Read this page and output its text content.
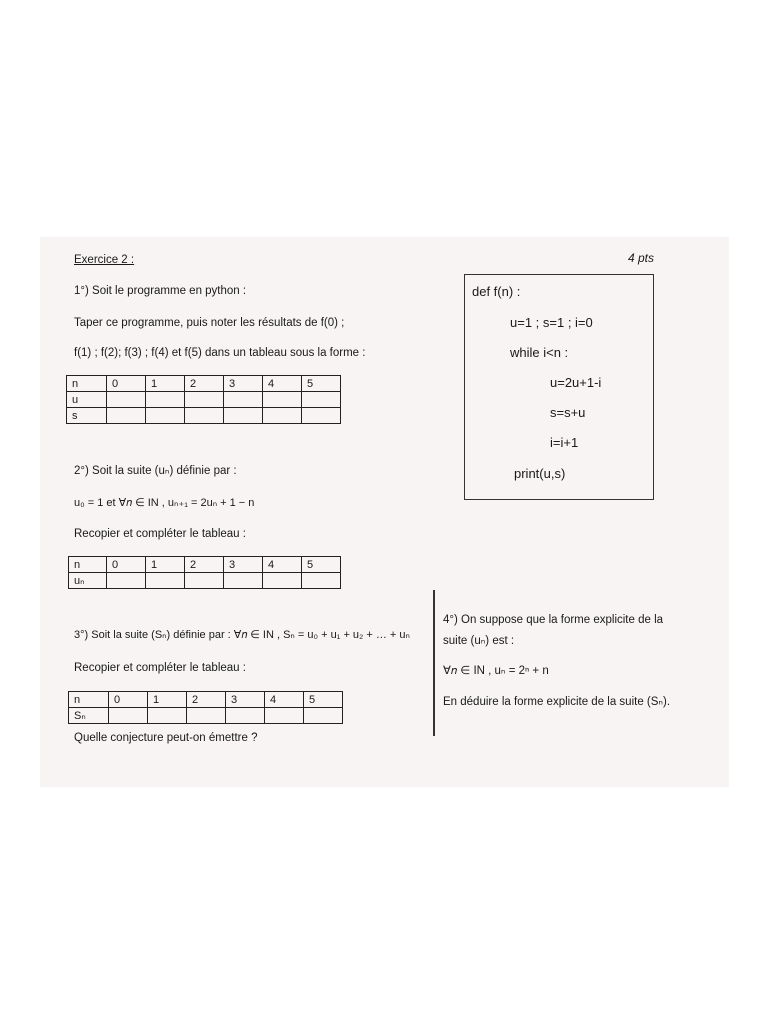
Exercice 2 :	4 pts
1°) Soit le programme en python :
Taper ce programme, puis noter les résultats de f(0) ;
f(1) ; f(2); f(3) ; f(4) et f(5) dans un tableau sous la forme :
n	0	1	2	3	4	5
u						
s						
def f(n) :
u=1 ; s=1 ; i=0
while i<n :
u=2u+1-i
s=s+u
i=i+1
print(u,s)
2°) Soit la suite (uₙ) définie par :
u₀ = 1 et ∀𝑛 ∈ IN , uₙ₊₁ = 2uₙ + 1 − n
Recopier et compléter le tableau :
n	0	1	2	3	4	5
uₙ						
3°) Soit la suite (Sₙ) définie par : ∀𝑛 ∈ IN , Sₙ = u₀ + u₁ + u₂ + … + uₙ
Recopier et compléter le tableau :
n	0	1	2	3	4	5
Sₙ						
Quelle conjecture peut-on émettre ?
4°) On suppose que la forme explicite de la
suite (uₙ) est :
∀𝑛 ∈ IN , uₙ = 2ⁿ + n
En déduire la forme explicite de la suite (Sₙ).
